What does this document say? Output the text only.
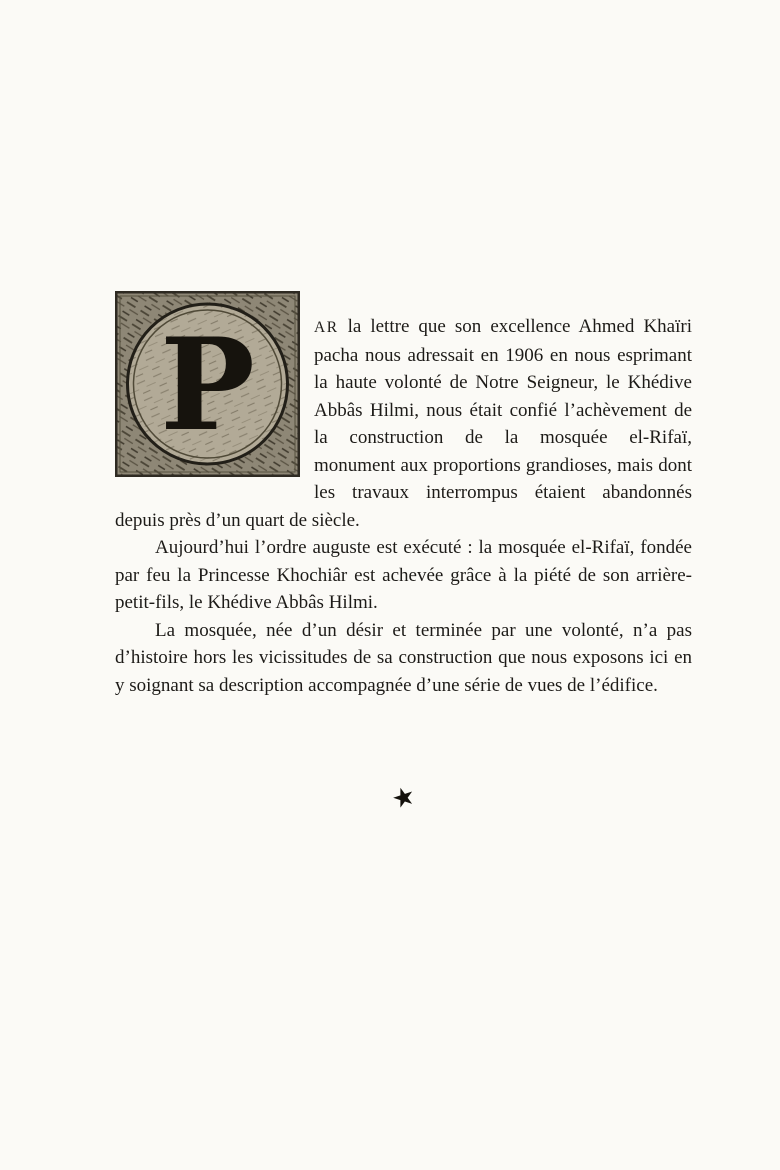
P	AR la lettre que son excellence Ahmed Khaïri pacha nous adressait en 1906 en nous esprimant la haute volonté de Notre Seigneur, le Khédive Abbâs Hilmi, nous était confié l’achèvement de la construction de la mosquée el-Rifaï, monument aux proportions grandioses, mais dont les travaux interrompus étaient abandonnés depuis près d’un quart de siècle.

Aujourd’hui l’ordre auguste est exécuté : la mosquée el-Rifaï, fondée par feu la Princesse Khochiâr est achevée grâce à la piété de son arrière-petit-fils, le Khédive Abbâs Hilmi.

La mosquée, née d’un désir et terminée par une volonté, n’a pas d’histoire hors les vicissitudes de sa construction que nous exposons ici en y soignant sa description accompagnée d’une série de vues de l’édifice.

★
